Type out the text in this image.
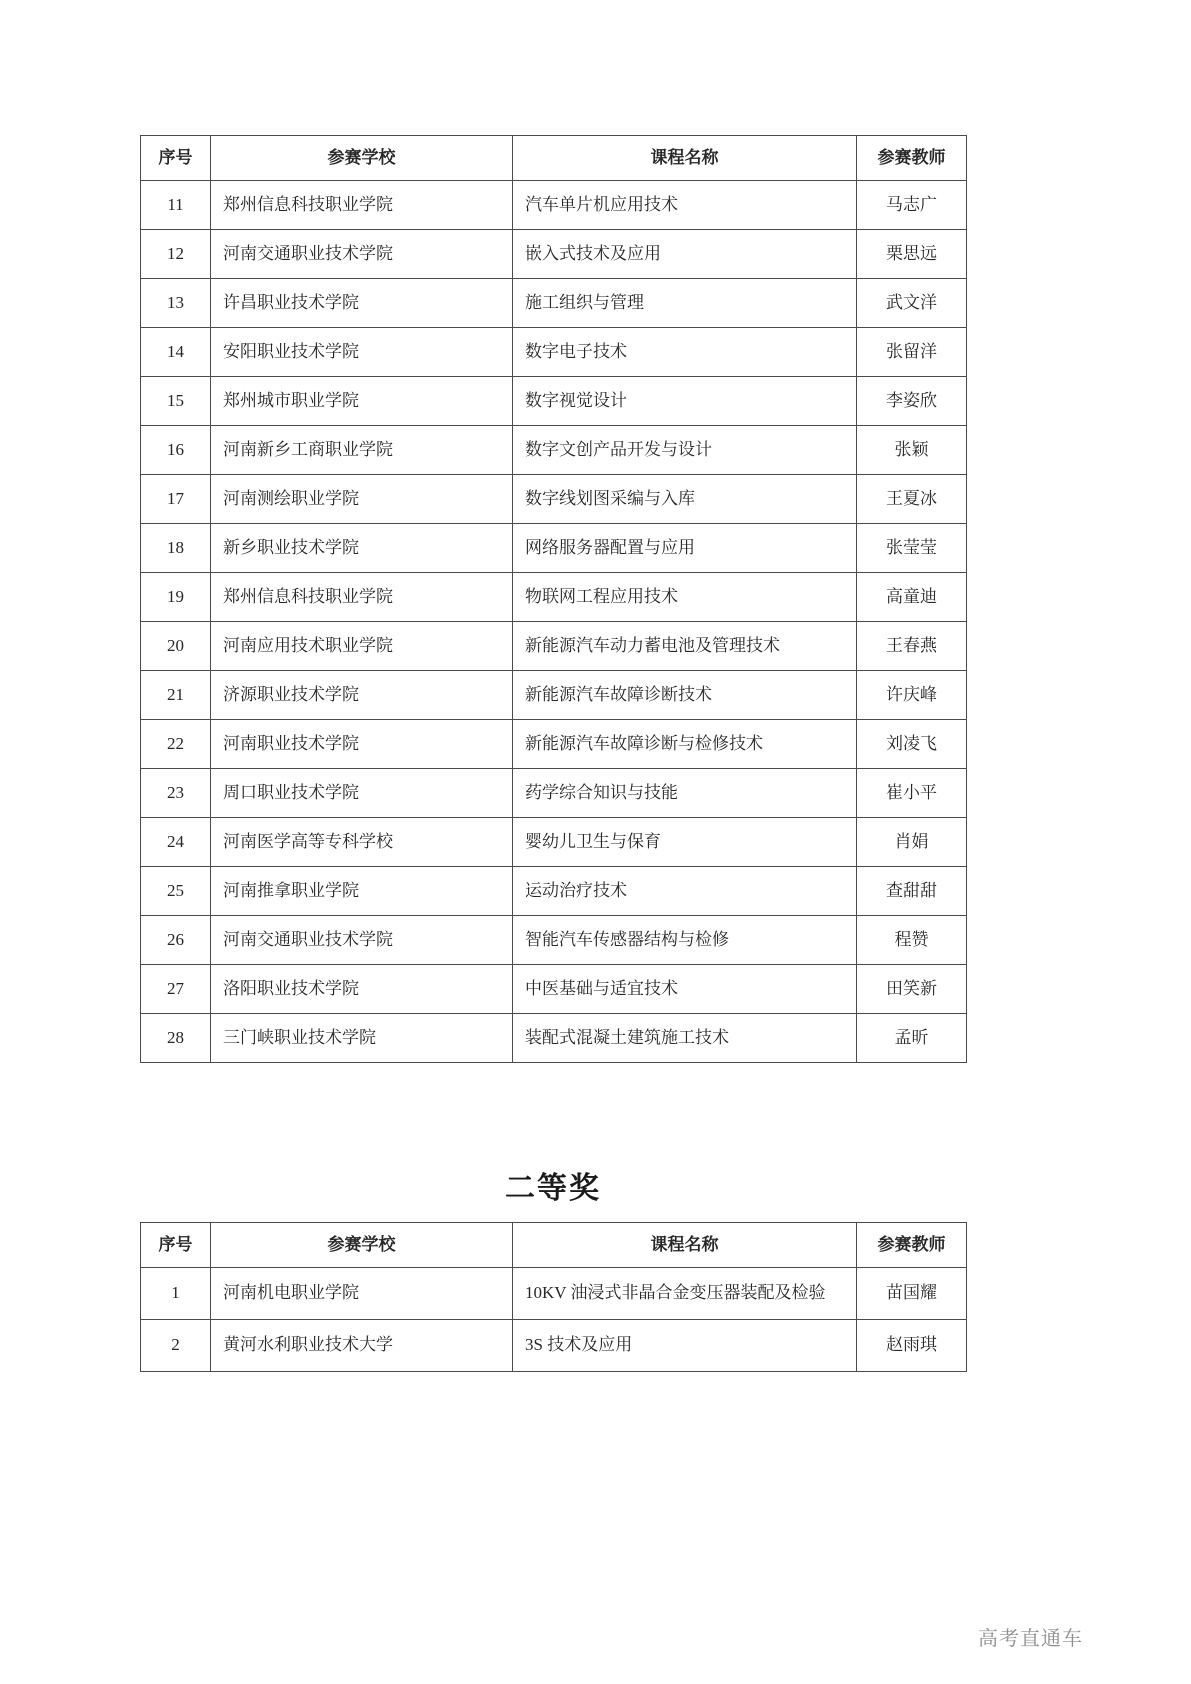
序号	参赛学校	课程名称	参赛教师
11	郑州信息科技职业学院	汽车单片机应用技术	马志广
12	河南交通职业技术学院	嵌入式技术及应用	栗思远
13	许昌职业技术学院	施工组织与管理	武文洋
14	安阳职业技术学院	数字电子技术	张留洋
15	郑州城市职业学院	数字视觉设计	李姿欣
16	河南新乡工商职业学院	数字文创产品开发与设计	张颖
17	河南测绘职业学院	数字线划图采编与入库	王夏冰
18	新乡职业技术学院	网络服务器配置与应用	张莹莹
19	郑州信息科技职业学院	物联网工程应用技术	高童迪
20	河南应用技术职业学院	新能源汽车动力蓄电池及管理技术	王春燕
21	济源职业技术学院	新能源汽车故障诊断技术	许庆峰
22	河南职业技术学院	新能源汽车故障诊断与检修技术	刘凌飞
23	周口职业技术学院	药学综合知识与技能	崔小平
24	河南医学高等专科学校	婴幼儿卫生与保育	肖娟
25	河南推拿职业学院	运动治疗技术	查甜甜
26	河南交通职业技术学院	智能汽车传感器结构与检修	程赞
27	洛阳职业技术学院	中医基础与适宜技术	田笑新
28	三门峡职业技术学院	装配式混凝土建筑施工技术	孟昕
二等奖
序号	参赛学校	课程名称	参赛教师
1	河南机电职业学院	10KV 油浸式非晶合金变压器装配及检验	苗国耀
2	黄河水利职业技术大学	3S 技术及应用	赵雨琪
高考直通车
